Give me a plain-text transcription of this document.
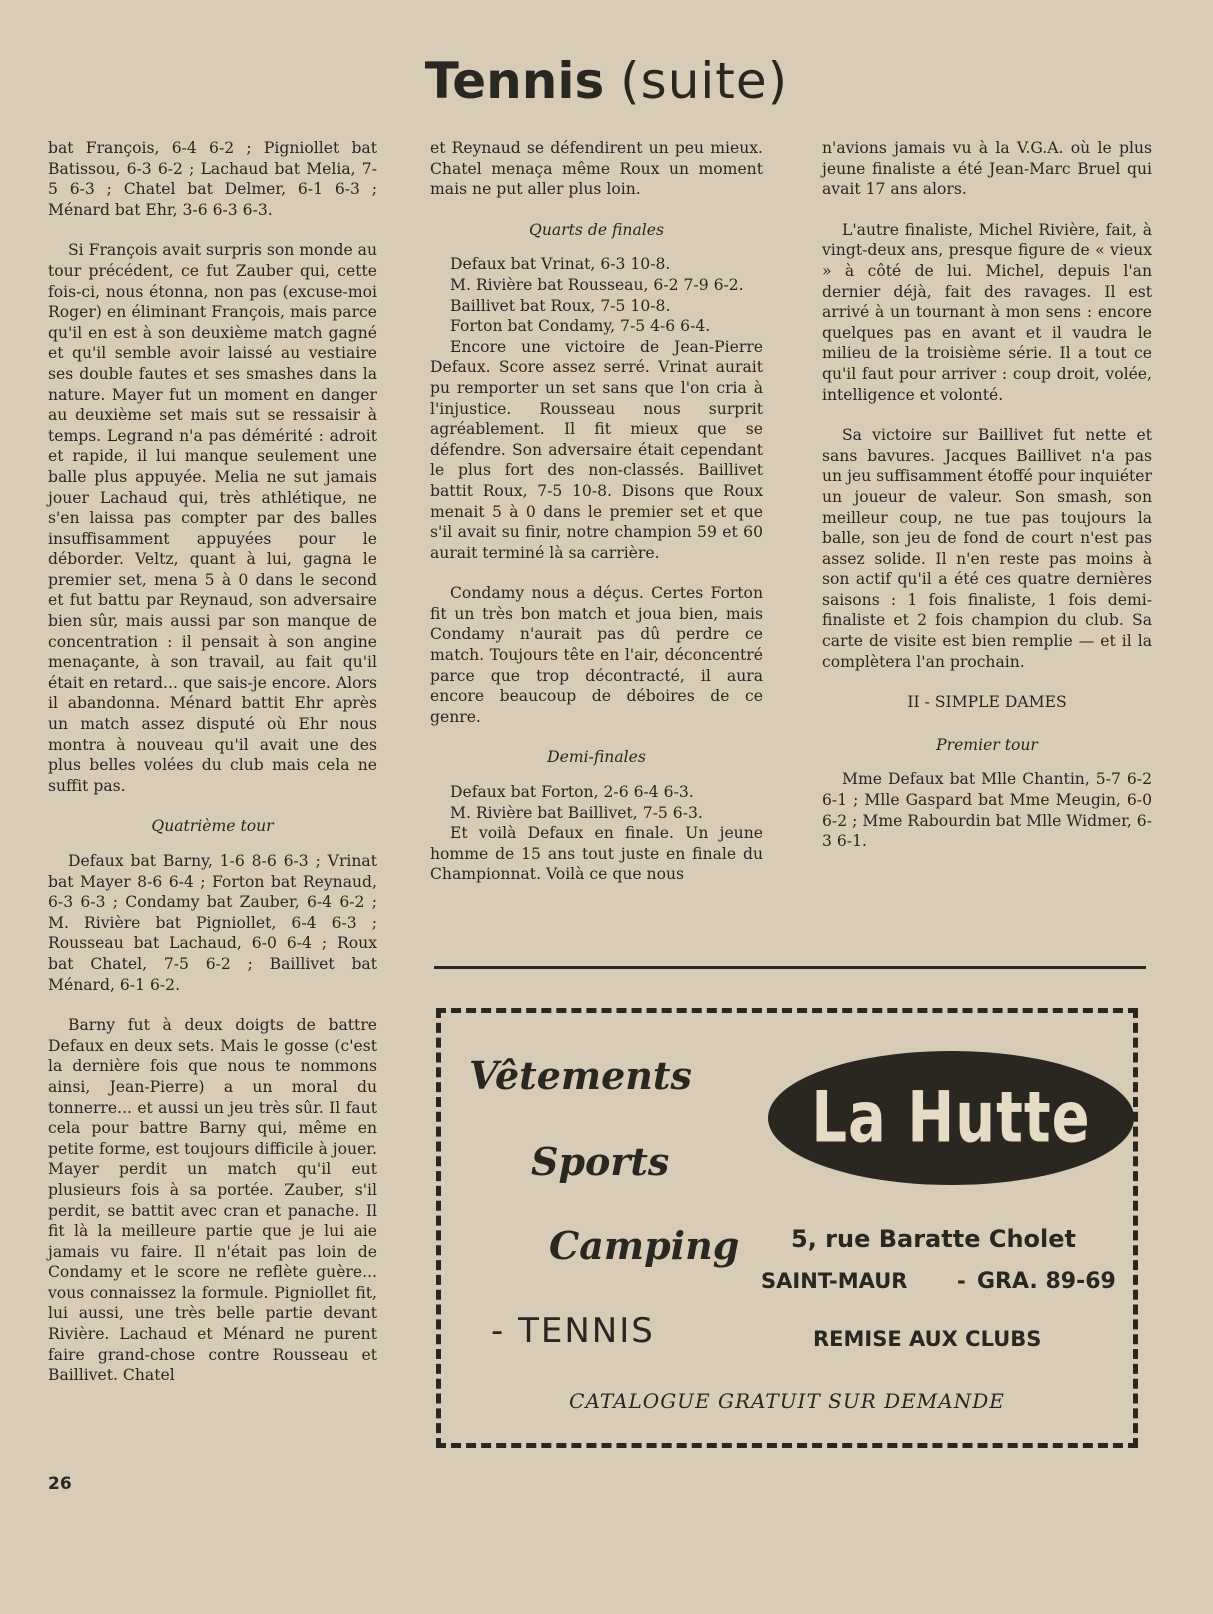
Tennis (suite)

bat François, 6-4 6-2 ; Pigniollet bat Batissou, 6-3 6-2 ; Lachaud bat Melia, 7-5 6-3 ; Chatel bat Delmer, 6-1 6-3 ; Ménard bat Ehr, 3-6 6-3 6-3.

Si François avait surpris son monde au tour précédent, ce fut Zauber qui, cette fois-ci, nous étonna, non pas (excuse-moi Roger) en éliminant François, mais parce qu'il en est à son deuxième match gagné et qu'il semble avoir laissé au vestiaire ses double fautes et ses smashes dans la nature. Mayer fut un moment en danger au deuxième set mais sut se ressaisir à temps. Legrand n'a pas démérité : adroit et rapide, il lui manque seulement une balle plus appuyée. Melia ne sut jamais jouer Lachaud qui, très athlétique, ne s'en laissa pas compter par des balles insuffisamment appuyées pour le déborder. Veltz, quant à lui, gagna le premier set, mena 5 à 0 dans le second et fut battu par Reynaud, son adversaire bien sûr, mais aussi par son manque de concentration : il pensait à son angine menaçante, à son travail, au fait qu'il était en retard... que sais-je encore. Alors il abandonna. Ménard battit Ehr après un match assez disputé où Ehr nous montra à nouveau qu'il avait une des plus belles volées du club mais cela ne suffit pas.

Quatrième tour

Defaux bat Barny, 1-6 8-6 6-3 ; Vrinat bat Mayer 8-6 6-4 ; Forton bat Reynaud, 6-3 6-3 ; Condamy bat Zauber, 6-4 6-2 ; M. Rivière bat Pigniollet, 6-4 6-3 ; Rousseau bat Lachaud, 6-0 6-4 ; Roux bat Chatel, 7-5 6-2 ; Baillivet bat Ménard, 6-1 6-2.

Barny fut à deux doigts de battre Defaux en deux sets. Mais le gosse (c'est la dernière fois que nous te nommons ainsi, Jean-Pierre) a un moral du tonnerre... et aussi un jeu très sûr. Il faut cela pour battre Barny qui, même en petite forme, est toujours difficile à jouer. Mayer perdit un match qu'il eut plusieurs fois à sa portée. Zauber, s'il perdit, se battit avec cran et panache. Il fit là la meilleure partie que je lui aie jamais vu faire. Il n'était pas loin de Condamy et le score ne reflète guère... vous connaissez la formule. Pigniollet fit, lui aussi, une très belle partie devant Rivière. Lachaud et Ménard ne purent faire grand-chose contre Rousseau et Baillivet. Chatel

et Reynaud se défendirent un peu mieux. Chatel menaça même Roux un moment mais ne put aller plus loin.

Quarts de finales

Defaux bat Vrinat, 6-3 10-8.

M. Rivière bat Rousseau, 6-2 7-9 6-2.

Baillivet bat Roux, 7-5 10-8.

Forton bat Condamy, 7-5 4-6 6-4.

Encore une victoire de Jean-Pierre Defaux. Score assez serré. Vrinat aurait pu remporter un set sans que l'on cria à l'injustice. Rousseau nous surprit agréablement. Il fit mieux que se défendre. Son adversaire était cependant le plus fort des non-classés. Baillivet battit Roux, 7-5 10-8. Disons que Roux menait 5 à 0 dans le premier set et que s'il avait su finir, notre champion 59 et 60 aurait terminé là sa carrière.

Condamy nous a déçus. Certes Forton fit un très bon match et joua bien, mais Condamy n'aurait pas dû perdre ce match. Toujours tête en l'air, déconcentré parce que trop décontracté, il aura encore beaucoup de déboires de ce genre.

Demi-finales

Defaux bat Forton, 2-6 6-4 6-3.

M. Rivière bat Baillivet, 7-5 6-3.

Et voilà Defaux en finale. Un jeune homme de 15 ans tout juste en finale du Championnat. Voilà ce que nous

n'avions jamais vu à la V.G.A. où le plus jeune finaliste a été Jean-Marc Bruel qui avait 17 ans alors.

L'autre finaliste, Michel Rivière, fait, à vingt-deux ans, presque figure de « vieux » à côté de lui. Michel, depuis l'an dernier déjà, fait des ravages. Il est arrivé à un tournant à mon sens : encore quelques pas en avant et il vaudra le milieu de la troisième série. Il a tout ce qu'il faut pour arriver : coup droit, volée, intelligence et volonté.

Sa victoire sur Baillivet fut nette et sans bavures. Jacques Baillivet n'a pas un jeu suffisamment étoffé pour inquiéter un joueur de valeur. Son smash, son meilleur coup, ne tue pas toujours la balle, son jeu de fond de court n'est pas assez solide. Il n'en reste pas moins à son actif qu'il a été ces quatre dernières saisons : 1 fois finaliste, 1 fois demi-finaliste et 2 fois champion du club. Sa carte de visite est bien remplie — et il la complètera l'an prochain.

II - SIMPLE DAMES

Premier tour

Mme Defaux bat Mlle Chantin, 5-7 6-2 6-1 ; Mlle Gaspard bat Mme Meugin, 6-0 6-2 ; Mme Rabourdin bat Mlle Widmer, 6-3 6-1.

Vêtements
Sports
Camping
- TENNIS
La Hutte
5, rue Baratte Cholet
SAINT-MAUR - GRA. 89-69
REMISE AUX CLUBS
CATALOGUE GRATUIT SUR DEMANDE
26
